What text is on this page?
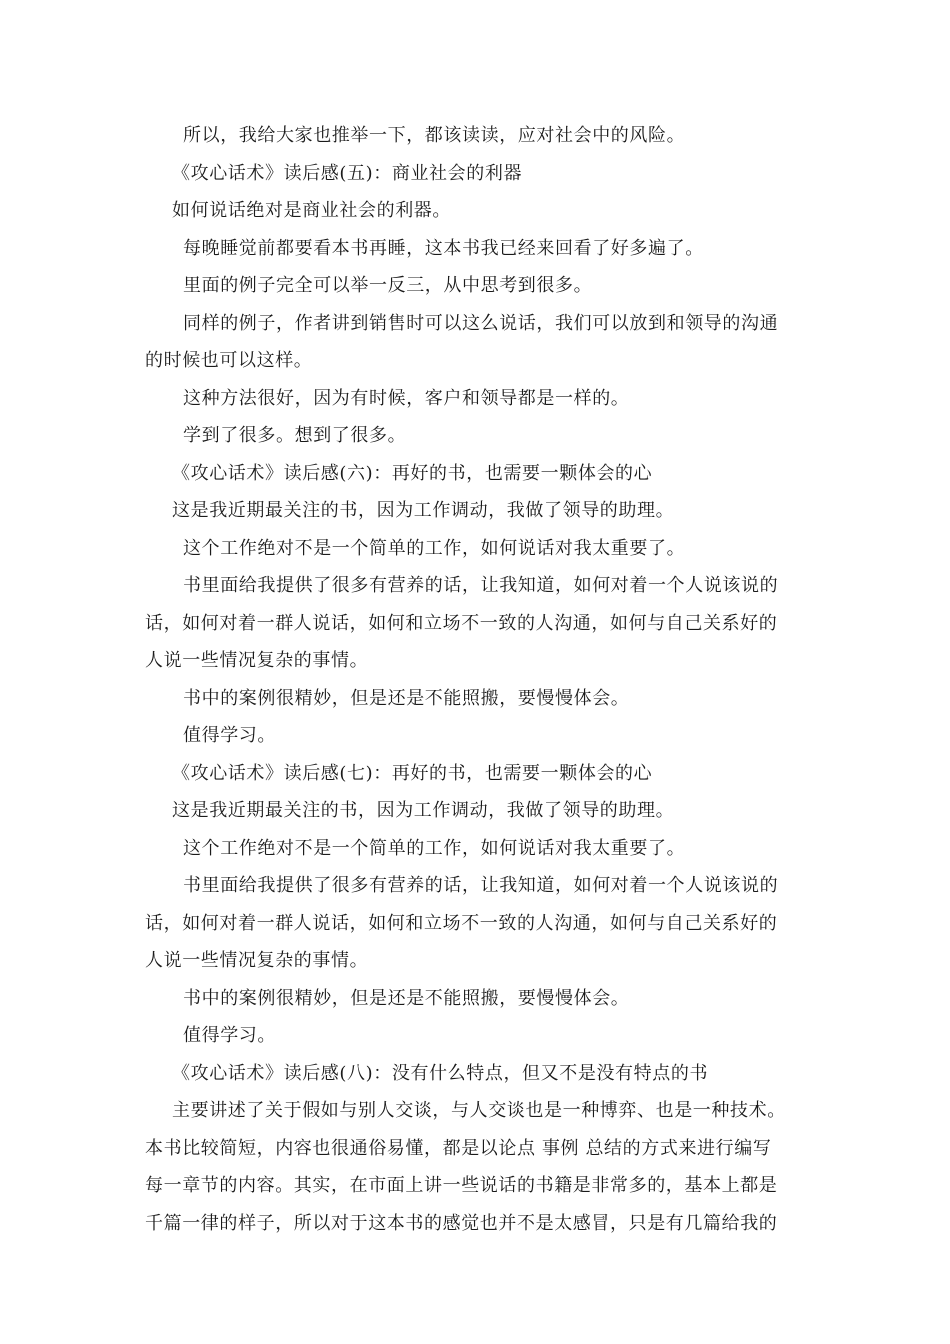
所以，我给大家也推举一下，都该读读，应对社会中的风险。
《攻心话术》读后感(五)：商业社会的利器
如何说话绝对是商业社会的利器。
每晚睡觉前都要看本书再睡，这本书我已经来回看了好多遍了。
里面的例子完全可以举一反三，从中思考到很多。
同样的例子，作者讲到销售时可以这么说话，我们可以放到和领导的沟通
的时候也可以这样。
这种方法很好，因为有时候，客户和领导都是一样的。
学到了很多。想到了很多。
《攻心话术》读后感(六)：再好的书，也需要一颗体会的心
这是我近期最关注的书，因为工作调动，我做了领导的助理。
这个工作绝对不是一个简单的工作，如何说话对我太重要了。
书里面给我提供了很多有营养的话，让我知道，如何对着一个人说该说的
话，如何对着一群人说话，如何和立场不一致的人沟通，如何与自己关系好的
人说一些情况复杂的事情。
书中的案例很精妙，但是还是不能照搬，要慢慢体会。
值得学习。
《攻心话术》读后感(七)：再好的书，也需要一颗体会的心
这是我近期最关注的书，因为工作调动，我做了领导的助理。
这个工作绝对不是一个简单的工作，如何说话对我太重要了。
书里面给我提供了很多有营养的话，让我知道，如何对着一个人说该说的
话，如何对着一群人说话，如何和立场不一致的人沟通，如何与自己关系好的
人说一些情况复杂的事情。
书中的案例很精妙，但是还是不能照搬，要慢慢体会。
值得学习。
《攻心话术》读后感(八)：没有什么特点，但又不是没有特点的书
主要讲述了关于假如与别人交谈，与人交谈也是一种博弈、也是一种技术。
本书比较简短，内容也很通俗易懂，都是以论点 事例 总结的方式来进行编写
每一章节的内容。其实，在市面上讲一些说话的书籍是非常多的，基本上都是
千篇一律的样子，所以对于这本书的感觉也并不是太感冒，只是有几篇给我的
